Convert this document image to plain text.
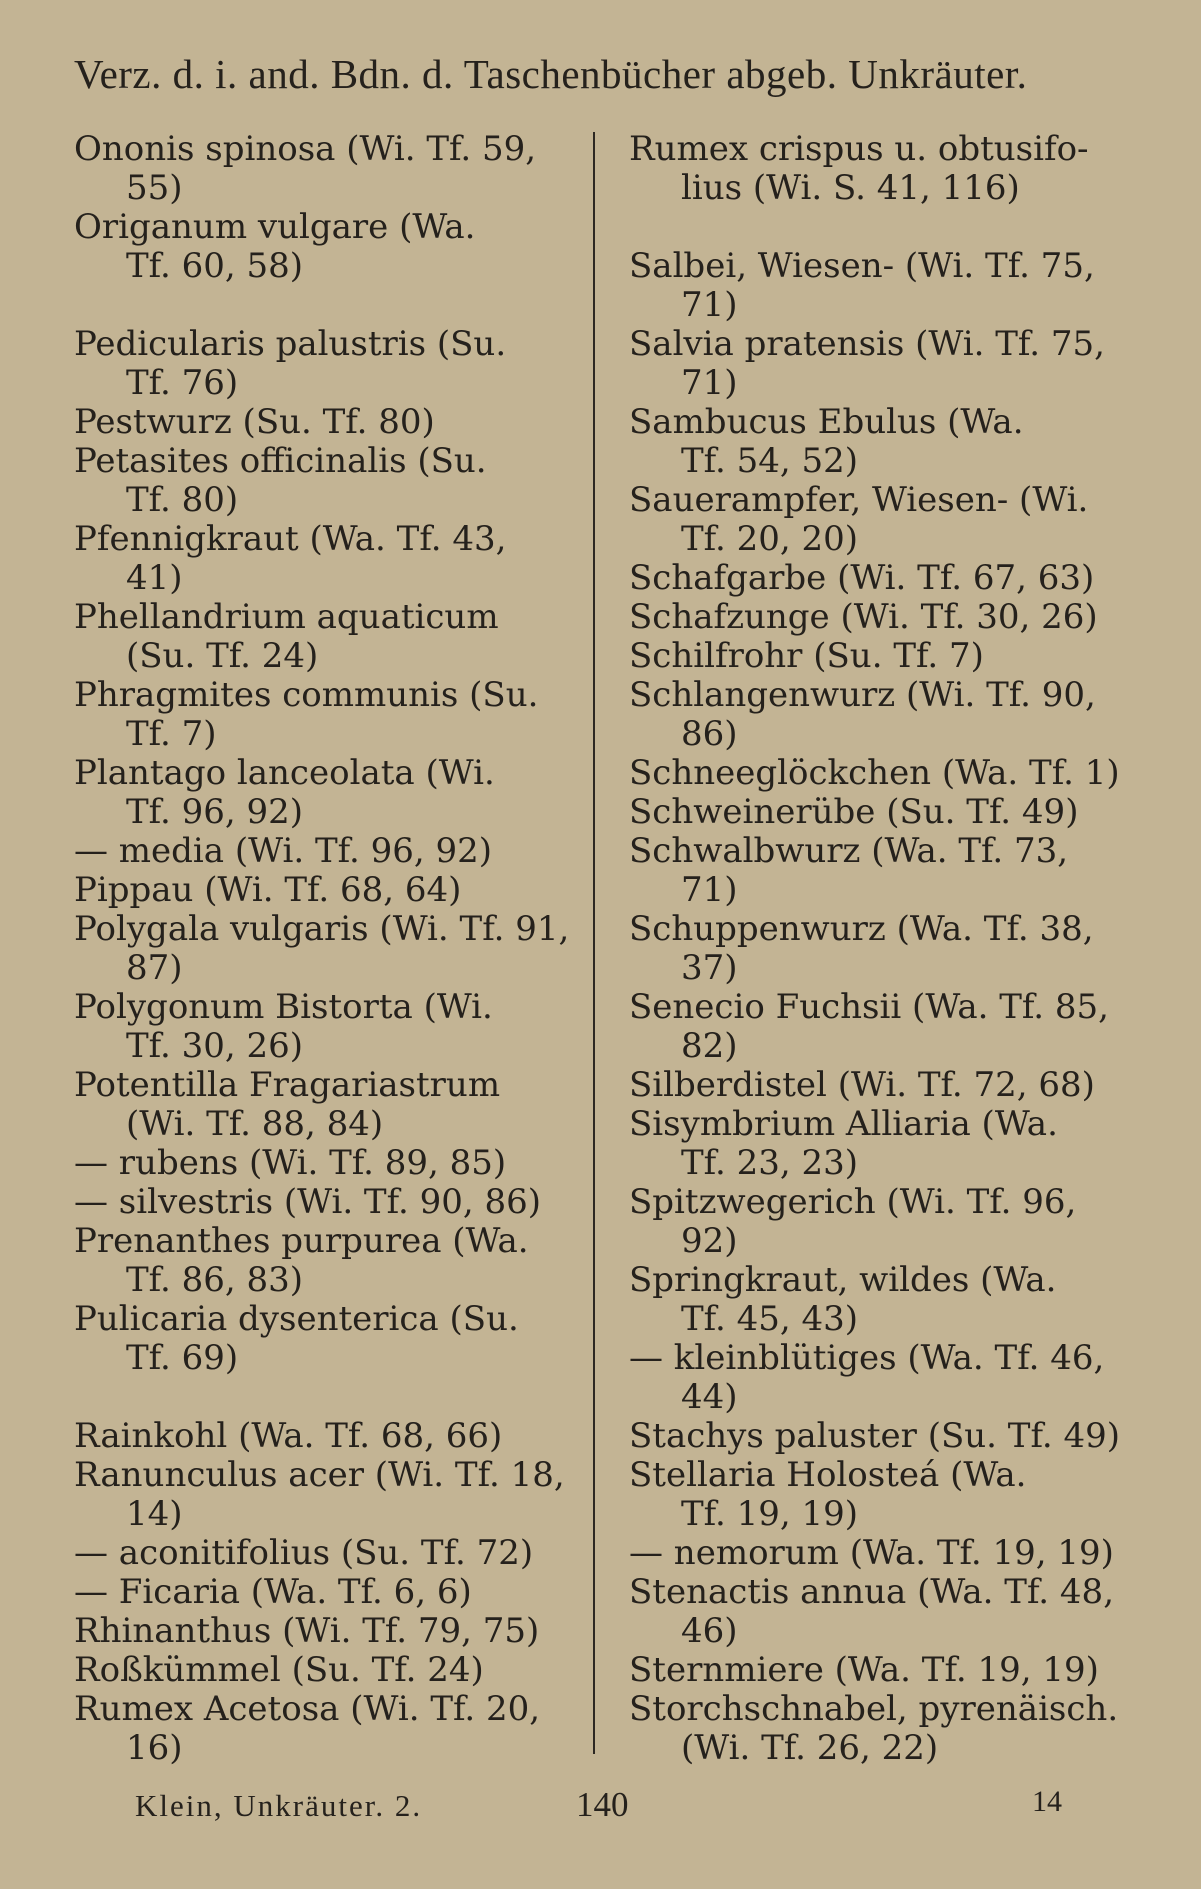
Verz. d. i. and. Bdn. d. Taschenbücher abgeb. Unkräuter.
Ononis spinosa (Wi. Tf. 59,
55)
Origanum vulgare (Wa.
Tf. 60, 58)
Pedicularis palustris (Su.
Tf. 76)
Pestwurz (Su. Tf. 80)
Petasites officinalis (Su.
Tf. 80)
Pfennigkraut (Wa. Tf. 43,
41)
Phellandrium aquaticum
(Su. Tf. 24)
Phragmites communis (Su.
Tf. 7)
Plantago lanceolata (Wi.
Tf. 96, 92)
— media (Wi. Tf. 96, 92)
Pippau (Wi. Tf. 68, 64)
Polygala vulgaris (Wi. Tf. 91,
87)
Polygonum Bistorta (Wi.
Tf. 30, 26)
Potentilla Fragariastrum
(Wi. Tf. 88, 84)
— rubens (Wi. Tf. 89, 85)
— silvestris (Wi. Tf. 90, 86)
Prenanthes purpurea (Wa.
Tf. 86, 83)
Pulicaria dysenterica (Su.
Tf. 69)
Rainkohl (Wa. Tf. 68, 66)
Ranunculus acer (Wi. Tf. 18,
14)
— aconitifolius (Su. Tf. 72)
— Ficaria (Wa. Tf. 6, 6)
Rhinanthus (Wi. Tf. 79, 75)
Roßkümmel (Su. Tf. 24)
Rumex Acetosa (Wi. Tf. 20,
16)
Rumex crispus u. obtusifo-
lius (Wi. S. 41, 116)
Salbei, Wiesen- (Wi. Tf. 75,
71)
Salvia pratensis (Wi. Tf. 75,
71)
Sambucus Ebulus (Wa.
Tf. 54, 52)
Sauerampfer, Wiesen- (Wi.
Tf. 20, 20)
Schafgarbe (Wi. Tf. 67, 63)
Schafzunge (Wi. Tf. 30, 26)
Schilfrohr (Su. Tf. 7)
Schlangenwurz (Wi. Tf. 90,
86)
Schneeglöckchen (Wa. Tf. 1)
Schweinerübe (Su. Tf. 49)
Schwalbwurz (Wa. Tf. 73,
71)
Schuppenwurz (Wa. Tf. 38,
37)
Senecio Fuchsii (Wa. Tf. 85,
82)
Silberdistel (Wi. Tf. 72, 68)
Sisymbrium Alliaria (Wa.
Tf. 23, 23)
Spitzwegerich (Wi. Tf. 96,
92)
Springkraut, wildes (Wa.
Tf. 45, 43)
— kleinblütiges (Wa. Tf. 46,
44)
Stachys paluster (Su. Tf. 49)
Stellaria Holosteá (Wa.
Tf. 19, 19)
— nemorum (Wa. Tf. 19, 19)
Stenactis annua (Wa. Tf. 48,
46)
Sternmiere (Wa. Tf. 19, 19)
Storchschnabel, pyrenäisch.
(Wi. Tf. 26, 22)
Klein, Unkräuter. 2.	140	14
